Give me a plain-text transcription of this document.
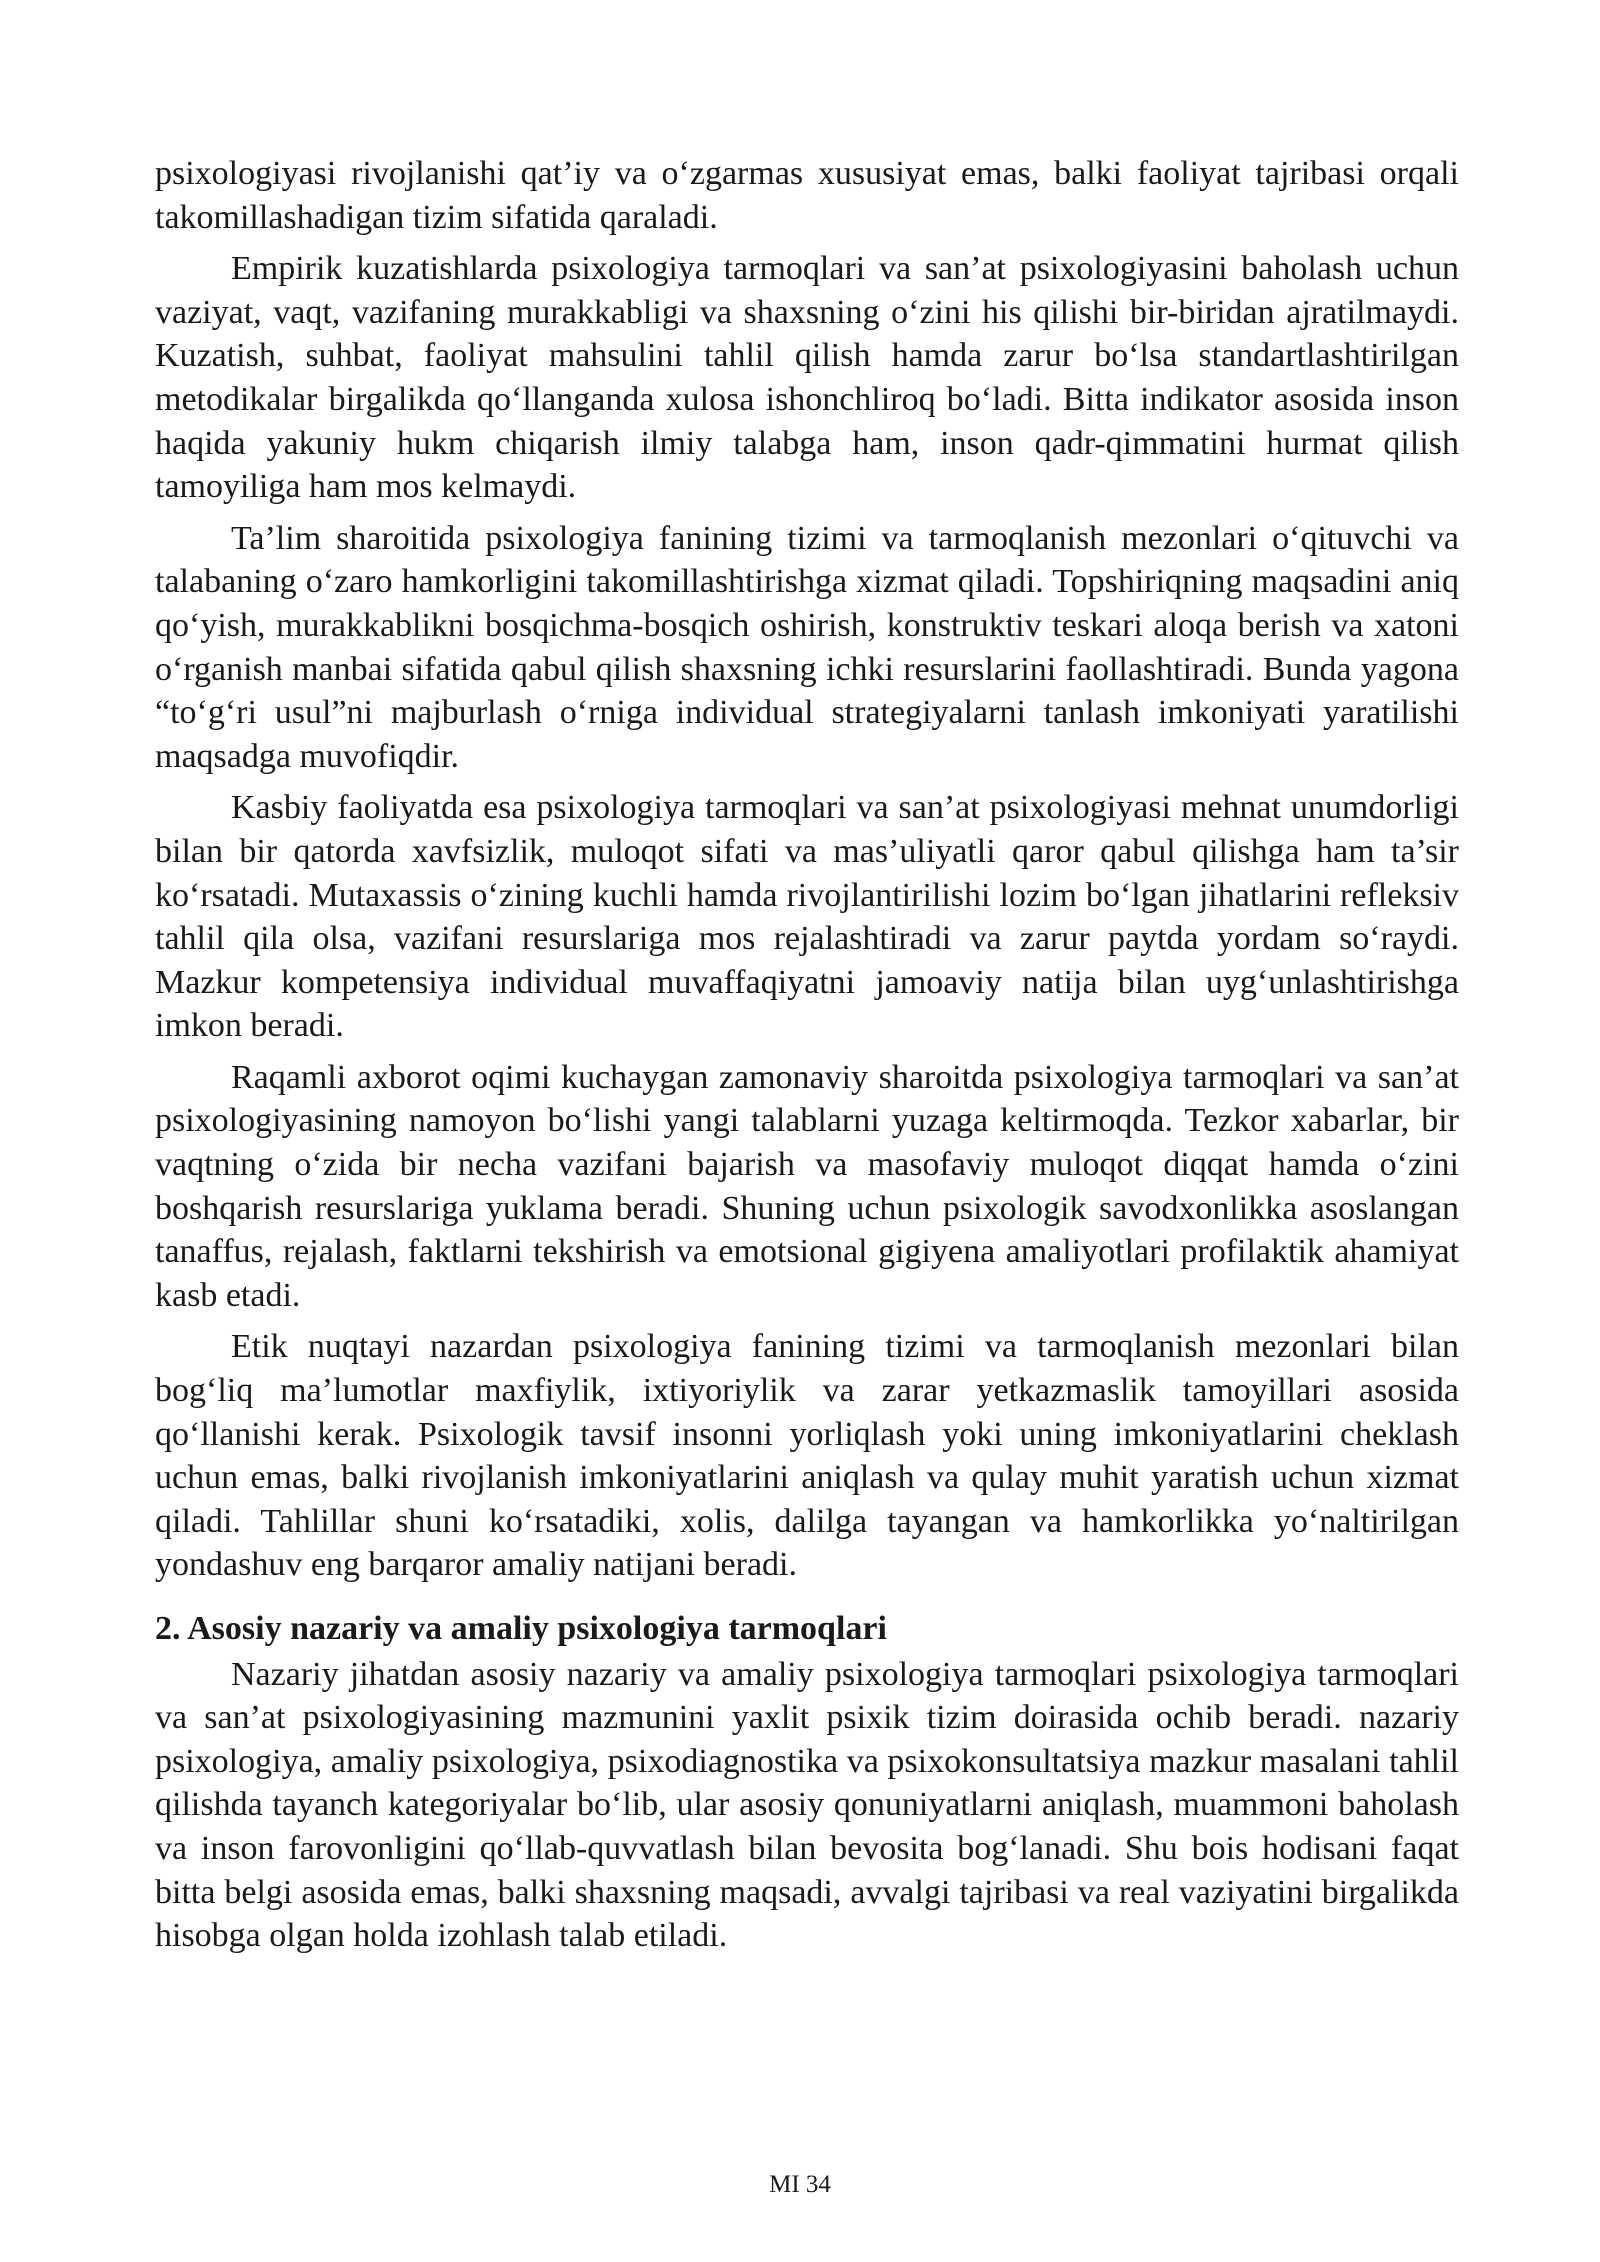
psixologiyasi rivojlanishi qat’iy va o‘zgarmas xususiyat emas, balki faoliyat tajribasi orqali takomillashadigan tizim sifatida qaraladi.

Empirik kuzatishlarda psixologiya tarmoqlari va san’at psixologiyasini baholash uchun vaziyat, vaqt, vazifaning murakkabligi va shaxsning o‘zini his qilishi bir-biridan ajratilmaydi. Kuzatish, suhbat, faoliyat mahsulini tahlil qilish hamda zarur bo‘lsa standartlashtirilgan metodikalar birgalikda qo‘llanganda xulosa ishonchliroq bo‘ladi. Bitta indikator asosida inson haqida yakuniy hukm chiqarish ilmiy talabga ham, inson qadr-qimmatini hurmat qilish tamoyiliga ham mos kelmaydi.

Ta’lim sharoitida psixologiya fanining tizimi va tarmoqlanish mezonlari o‘qituvchi va talabaning o‘zaro hamkorligini takomillashtirishga xizmat qiladi. Topshiriqning maqsadini aniq qo‘yish, murakkablikni bosqichma-bosqich oshirish, konstruktiv teskari aloqa berish va xatoni o‘rganish manbai sifatida qabul qilish shaxsning ichki resurslarini faollashtiradi. Bunda yagona “to‘g‘ri usul”ni majburlash o‘rniga individual strategiyalarni tanlash imkoniyati yaratilishi maqsadga muvofiqdir.

Kasbiy faoliyatda esa psixologiya tarmoqlari va san’at psixologiyasi mehnat unumdorligi bilan bir qatorda xavfsizlik, muloqot sifati va mas’uliyatli qaror qabul qilishga ham ta’sir ko‘rsatadi. Mutaxassis o‘zining kuchli hamda rivojlantirilishi lozim bo‘lgan jihatlarini refleksiv tahlil qila olsa, vazifani resurslariga mos rejalashtiradi va zarur paytda yordam so‘raydi. Mazkur kompetensiya individual muvaffaqiyatni jamoaviy natija bilan uyg‘unlashtirishga imkon beradi.

Raqamli axborot oqimi kuchaygan zamonaviy sharoitda psixologiya tarmoqlari va san’at psixologiyasining namoyon bo‘lishi yangi talablarni yuzaga keltirmoqda. Tezkor xabarlar, bir vaqtning o‘zida bir necha vazifani bajarish va masofaviy muloqot diqqat hamda o‘zini boshqarish resurslariga yuklama beradi. Shuning uchun psixologik savodxonlikka asoslangan tanaffus, rejalash, faktlarni tekshirish va emotsional gigiyena amaliyotlari profilaktik ahamiyat kasb etadi.

Etik nuqtayi nazardan psixologiya fanining tizimi va tarmoqlanish mezonlari bilan bog‘liq ma’lumotlar maxfiylik, ixtiyoriylik va zarar yetkazmaslik tamoyillari asosida qo‘llanishi kerak. Psixologik tavsif insonni yorliqlash yoki uning imkoniyatlarini cheklash uchun emas, balki rivojlanish imkoniyatlarini aniqlash va qulay muhit yaratish uchun xizmat qiladi. Tahlillar shuni ko‘rsatadiki, xolis, dalilga tayangan va hamkorlikka yo‘naltirilgan yondashuv eng barqaror amaliy natijani beradi.

2. Asosiy nazariy va amaliy psixologiya tarmoqlari

Nazariy jihatdan asosiy nazariy va amaliy psixologiya tarmoqlari psixologiya tarmoqlari va san’at psixologiyasining mazmunini yaxlit psixik tizim doirasida ochib beradi. nazariy psixologiya, amaliy psixologiya, psixodiagnostika va psixokonsultatsiya mazkur masalani tahlil qilishda tayanch kategoriyalar bo‘lib, ular asosiy qonuniyatlarni aniqlash, muammoni baholash va inson farovonligini qo‘llab-quvvatlash bilan bevosita bog‘lanadi. Shu bois hodisani faqat bitta belgi asosida emas, balki shaxsning maqsadi, avvalgi tajribasi va real vaziyatini birgalikda hisobga olgan holda izohlash talab etiladi.

MI 34
